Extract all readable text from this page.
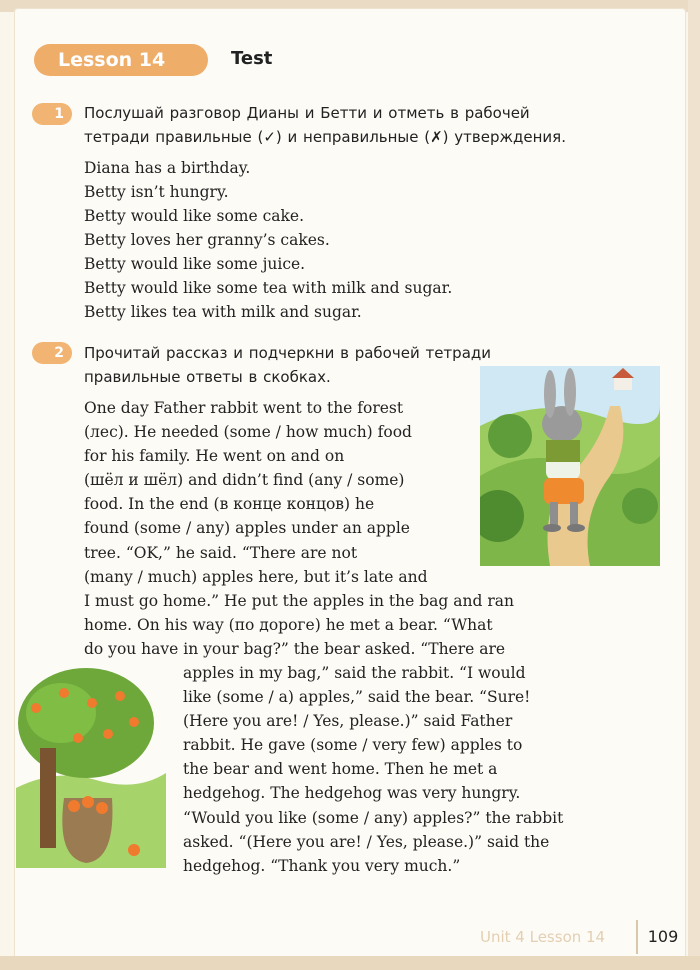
Lesson 14	Test
1	Послушай разговор Дианы и Бетти и отметь в рабочей
тетради правильные (✓) и неправильные (✗) утверждения.
Diana has a birthday.
Betty isn’t hungry.
Betty would like some cake.
Betty loves her granny’s cakes.
Betty would like some juice.
Betty would like some tea with milk and sugar.
Betty likes tea with milk and sugar.
2	Прочитай рассказ и подчеркни в рабочей тетради
правильные ответы в скобках.
One day Father rabbit went to the forest
(лес). He needed (some / how much) food
for his family. He went on and on
(шёл и шёл) and didn’t find (any / some)
food. In the end (в конце концов) he
found (some / any) apples under an apple
tree. “OK,” he said. “There are not
(many / much) apples here, but it’s late and
I must go home.” He put the apples in the bag and ran
home. On his way (по дороге) he met a bear. “What
do you have in your bag?” the bear asked. “There are
apples in my bag,” said the rabbit. “I would
like (some / a) apples,” said the bear. “Sure!
(Here you are! / Yes, please.)” said Father
rabbit. He gave (some / very few) apples to
the bear and went home. Then he met a
hedgehog. The hedgehog was very hungry.
“Would you like (some / any) apples?” the rabbit
asked. “(Here you are! / Yes, please.)” said the
hedgehog. “Thank you very much.”
Unit 4 Lesson 14	109
